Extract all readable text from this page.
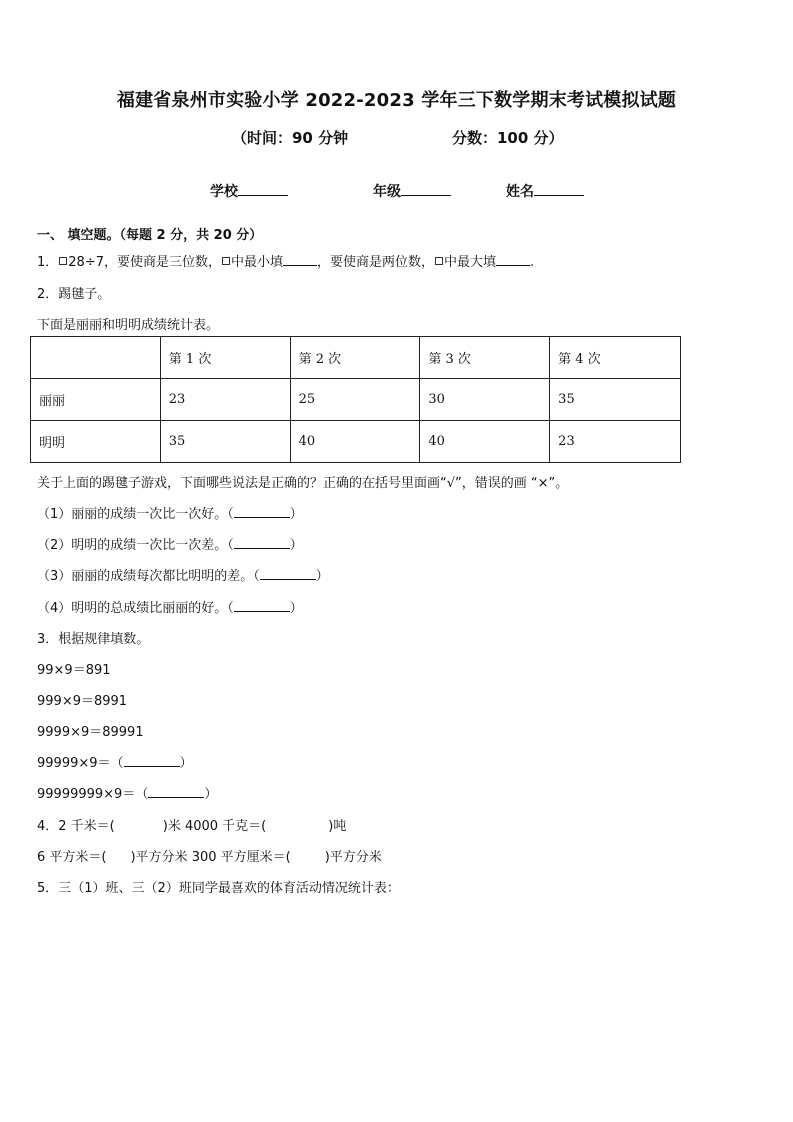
福建省泉州市实验小学 2022-2023 学年三下数学期末考试模拟试题
（时间：90 分钟	分数：100 分）
学校	年级	姓名
一、 填空题。（每题 2 分，共 20 分）
1． 28÷7，要使商是三位数， 中最小填	，要使商是两位数， 中最大填	.
2．踢毽子。
下面是丽丽和明明成绩统计表。
	第 1 次	第 2 次	第 3 次	第 4 次
丽丽	23	25	30	35
明明	35	40	40	23
关于上面的踢毽子游戏，下面哪些说法是正确的？正确的在括号里面画“√”，错误的画 “×”。
（1）丽丽的成绩一次比一次好。（	）
（2）明明的成绩一次比一次差。（	）
（3）丽丽的成绩每次都比明明的差。（	）
（4）明明的总成绩比丽丽的好。（	）
3．根据规律填数。
99×9＝891
999×9＝8991
9999×9＝89991
99999×9＝（	）
99999999×9＝（	）
4．2 千米＝(	)米 4000 千克＝(	)吨
6 平方米＝( )平方分米 300 平方厘米＝(	)平方分米
5．三（1）班、三（2）班同学最喜欢的体育活动情况统计表：
